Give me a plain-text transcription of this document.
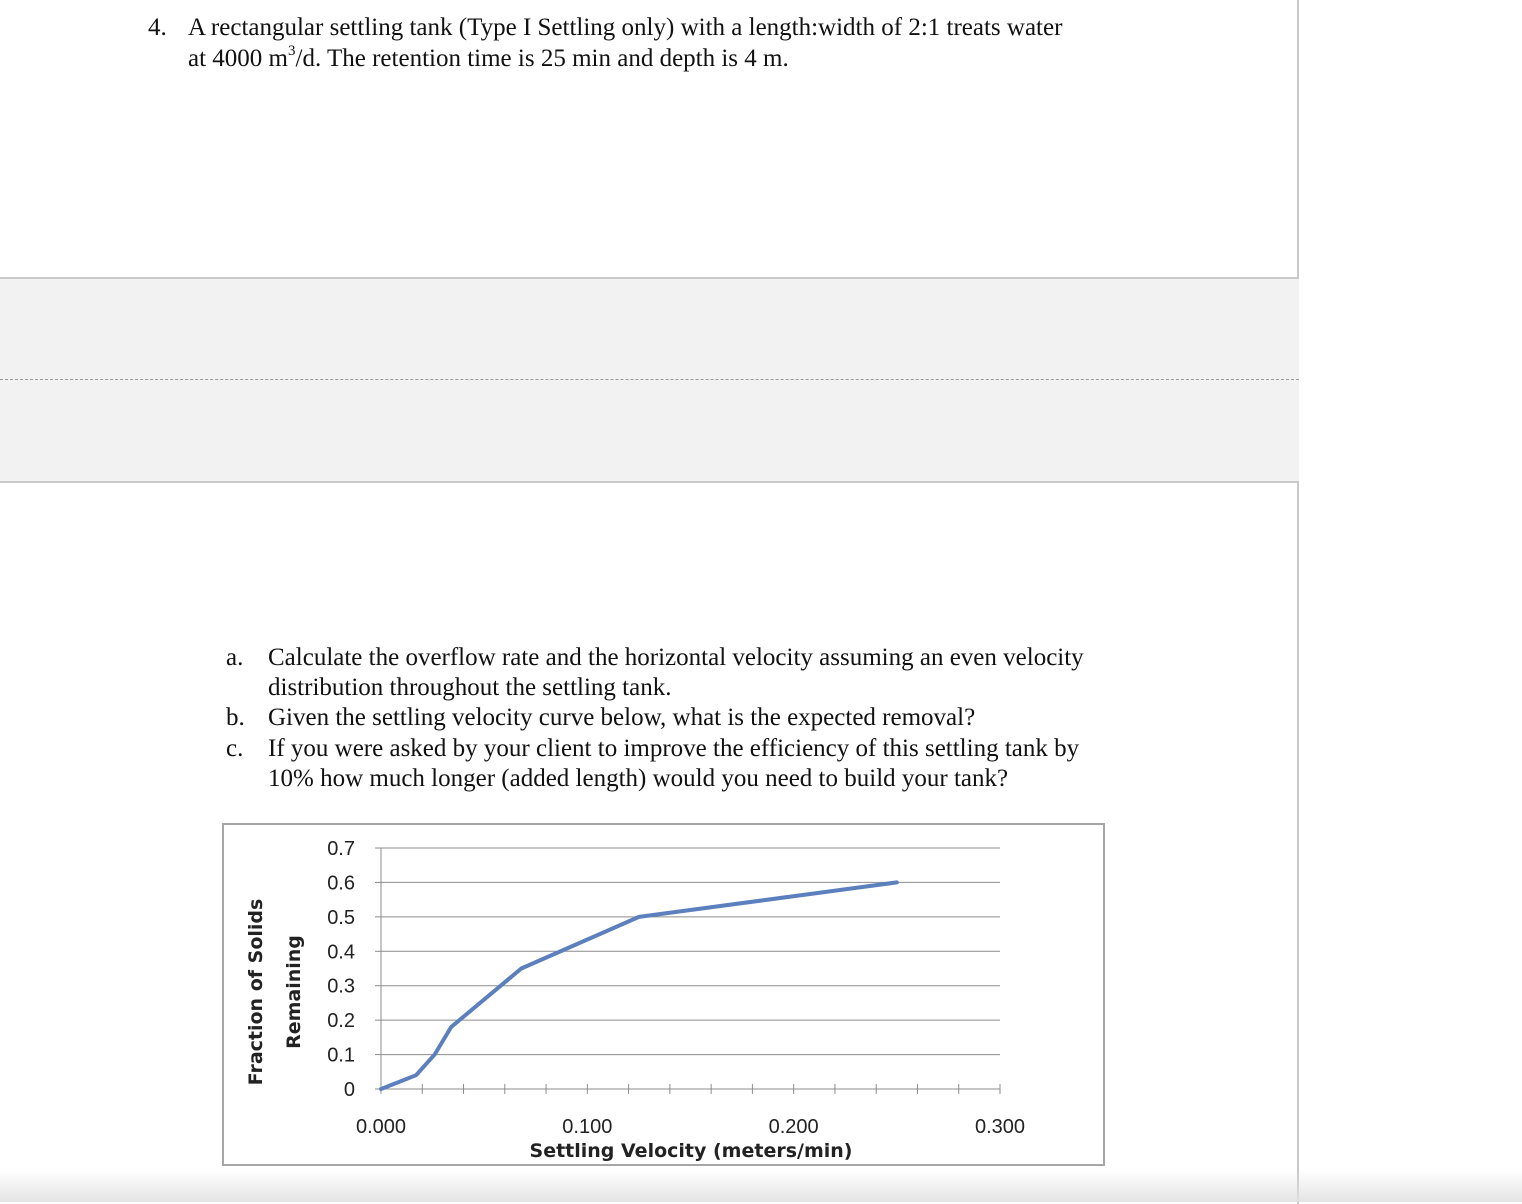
4. A rectangular settling tank (Type I Settling only) with a length:width of 2:1 treats water
at 4000 $m^3/d$. The retention time is 25 min and depth is 4 m.
a. Calculate the overflow rate and the horizontal velocity assuming an even velocity
distribution throughout the settling tank.
b. Given the settling velocity curve below, what is the expected removal?
c. If you were asked by your client to improve the efficiency of this settling tank by
10% how much longer (added length) would you need to build your tank?
0
0.1
0.2
0.3
0.4
0.5
0.6
0.7
0.000	0.100	0.200	0.300
Settling Velocity (meters/min)
Fraction of Solids Remaining
